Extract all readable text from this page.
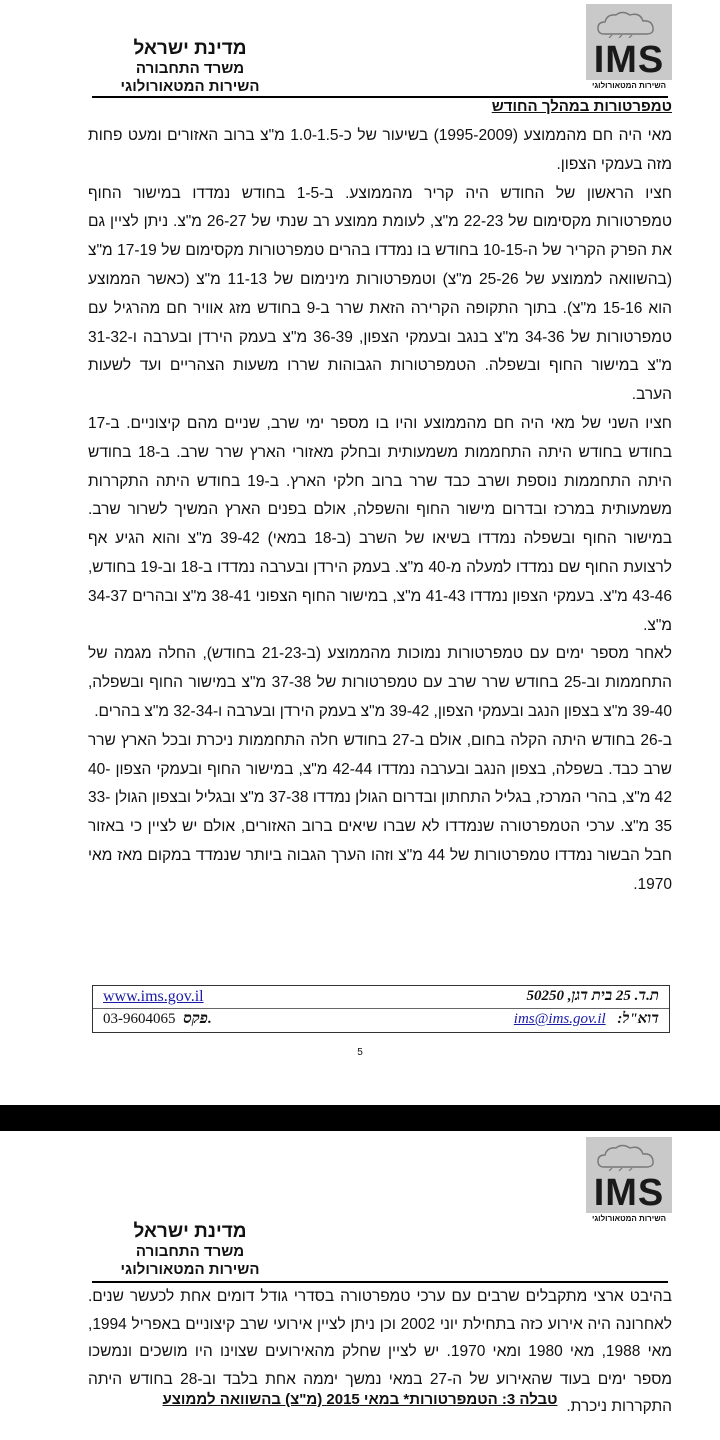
IMS
השירות המטאורולוגי
מדינת ישראל
משרד התחבורה
השירות המטאורולוגי
טמפרטורות במהלך החודש

מאי היה חם מהממוצע (1995-2009) בשיעור של כ-1.0-1.5 מ"צ ברוב האזורים ומעט פחות מזה בעמקי הצפון.

חציו הראשון של החודש היה קריר מהממוצע. ב-1-5 בחודש נמדדו במישור החוף טמפרטורות מקסימום של 22-23 מ"צ, לעומת ממוצע רב שנתי של 26-27 מ"צ. ניתן לציין גם את הפרק הקריר של ה-10-15 בחודש בו נמדדו בהרים טמפרטורות מקסימום של 17-19 מ"צ (בהשוואה לממוצע של 25-26 מ"צ) וטמפרטורות מינימום של 11-13 מ"צ (כאשר הממוצע הוא 15-16 מ"צ). בתוך התקופה הקרירה הזאת שרר ב-9 בחודש מזג אוויר חם מהרגיל עם טמפרטורות של 34-36 מ"צ בנגב ובעמקי הצפון, 36-39 מ"צ בעמק הירדן ובערבה ו-31-32 מ"צ במישור החוף ובשפלה. הטמפרטורות הגבוהות שררו משעות הצהריים ועד לשעות הערב.

חציו השני של מאי היה חם מהממוצע והיו בו מספר ימי שרב, שניים מהם קיצוניים. ב-17 בחודש בחודש היתה התחממות משמעותית ובחלק מאזורי הארץ שרר שרב. ב-18 בחודש היתה התחממות נוספת ושרב כבד שרר ברוב חלקי הארץ. ב-19 בחודש היתה התקררות משמעותית במרכז ובדרום מישור החוף והשפלה, אולם בפנים הארץ המשיך לשרור שרב. במישור החוף ובשפלה נמדדו בשיאו של השרב (ב-18 במאי) 39-42 מ"צ והוא הגיע אף לרצועת החוף שם נמדדו למעלה מ-40 מ"צ. בעמק הירדן ובערבה נמדדו ב-18 וב-19 בחודש, 43-46 מ"צ. בעמקי הצפון נמדדו 41-43 מ"צ, במישור החוף הצפוני 38-41 מ"צ ובהרים 34-37 מ"צ.

לאחר מספר ימים עם טמפרטורות נמוכות מהממוצע (ב-21-23 בחודש), החלה מגמה של התחממות וב-25 בחודש שרר שרב עם טמפרטורות של 37-38 מ"צ במישור החוף ובשפלה, 39-40 מ"צ בצפון הנגב ובעמקי הצפון, 39-42 מ"צ בעמק הירדן ובערבה ו-32-34 מ"צ בהרים.

ב-26 בחודש היתה הקלה בחום, אולם ב-27 בחודש חלה התחממות ניכרת ובכל הארץ שרר שרב כבד. בשפלה, בצפון הנגב ובערבה נמדדו 42-44 מ"צ, במישור החוף ובעמקי הצפון 40-42 מ"צ, בהרי המרכז, בגליל התחתון ובדרום הגולן נמדדו 37-38 מ"צ ובגליל ובצפון הגולן 33-35 מ"צ. ערכי הטמפרטורה שנמדדו לא שברו שיאים ברוב האזורים, אולם יש לציין כי באזור חבל הבשור נמדדו טמפרטורות של 44 מ"צ וזהו הערך הגבוה ביותר שנמדד במקום מאז מאי 1970.

www.ims.gov.il	ת.ד. 25 בית דגן, 50250
03-9604065 פקס.	דוא"ל: ims@ims.gov.il
5
IMS
השירות המטאורולוגי
מדינת ישראל
משרד התחבורה
השירות המטאורולוגי

בהיבט ארצי מתקבלים שרבים עם ערכי טמפרטורה בסדרי גודל דומים אחת לכעשר שנים. לאחרונה היה אירוע כזה בתחילת יוני 2002 וכן ניתן לציין אירועי שרב קיצוניים באפריל 1994, מאי 1988, מאי 1980 ומאי 1970. יש לציין שחלק מהאירועים שצוינו היו מושכים ונמשכו מספר ימים בעוד שהאירוע של ה-27 במאי נמשך יממה אחת בלבד וב-28 בחודש היתה התקררות ניכרת.

טבלה 3: הטמפרטורות* במאי 2015 (מ"צ) בהשוואה לממוצע
